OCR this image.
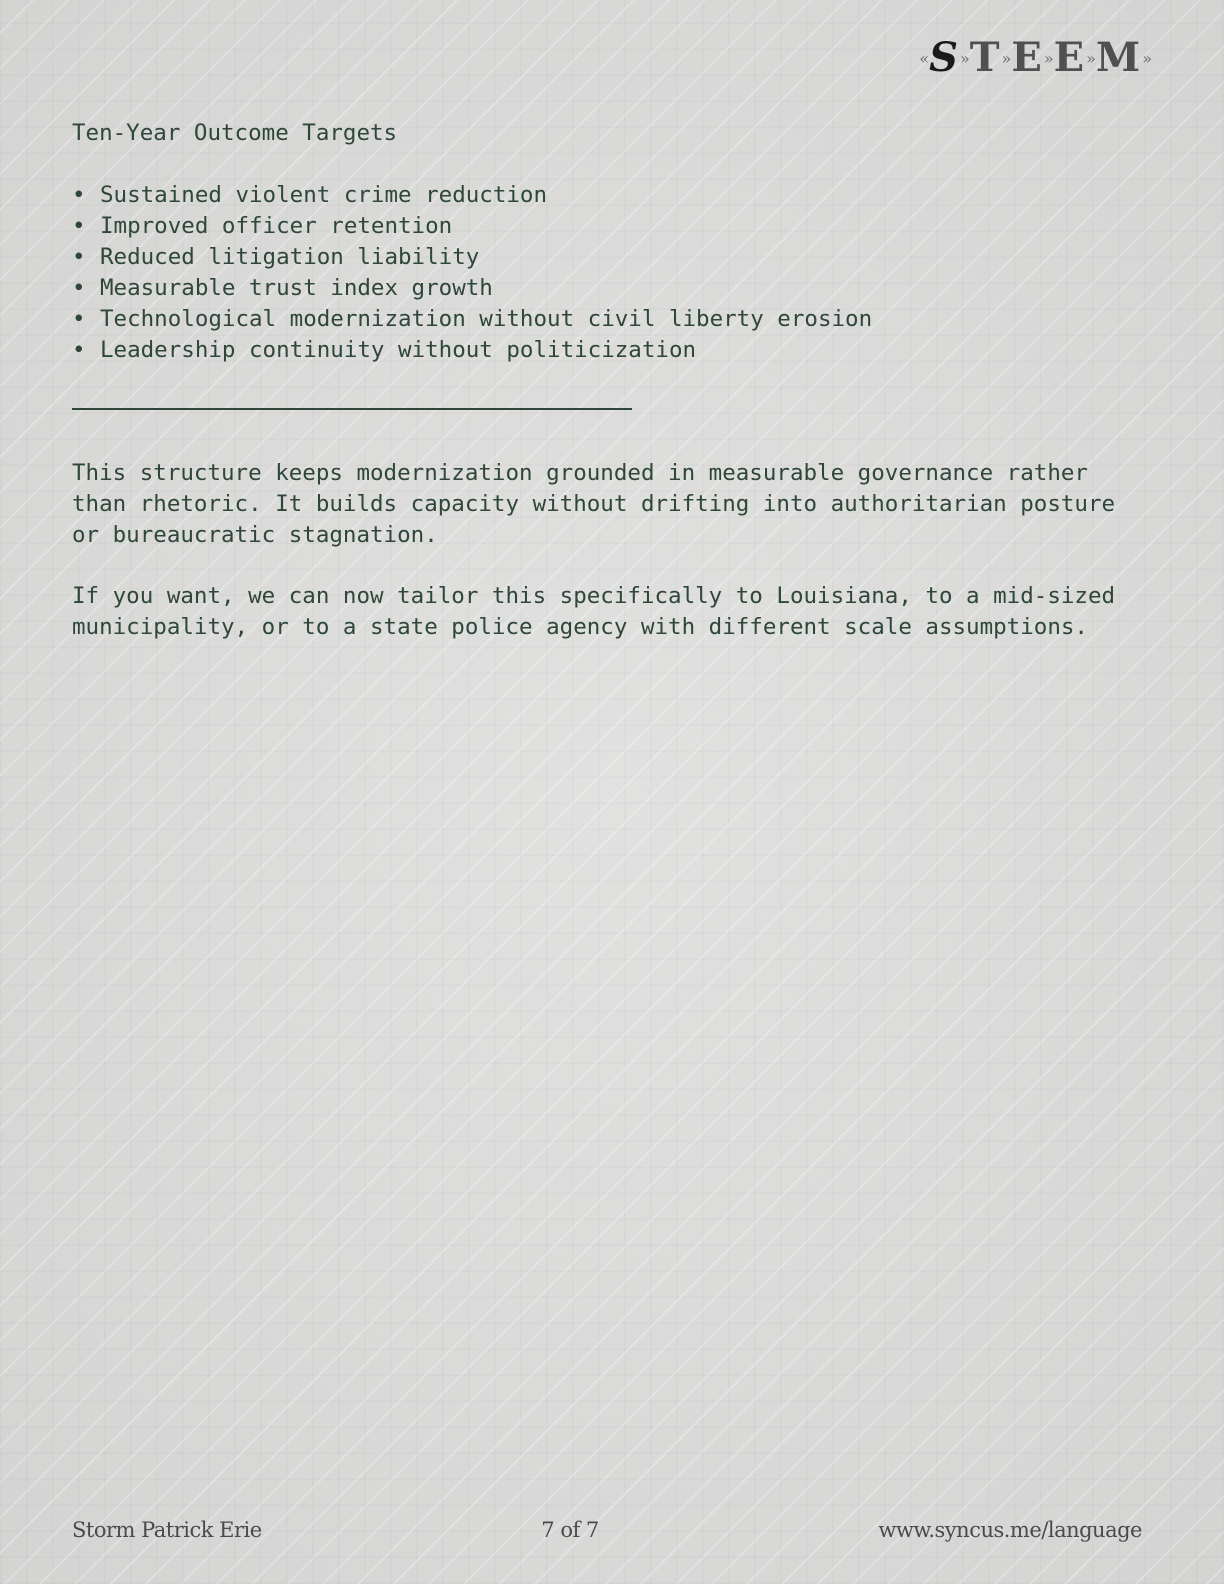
« S » T » E » E » M »
Ten-Year Outcome Targets
• Sustained violent crime reduction
• Improved officer retention
• Reduced litigation liability
• Measurable trust index growth
• Technological modernization without civil liberty erosion
• Leadership continuity without politicization

This structure keeps modernization grounded in measurable governance rather than rhetoric. It builds capacity without drifting into authoritarian posture or bureaucratic stagnation.

If you want, we can now tailor this specifically to Louisiana, to a mid-sized municipality, or to a state police agency with different scale assumptions.

Storm Patrick Erie	7 of 7	www.syncus.me/language
